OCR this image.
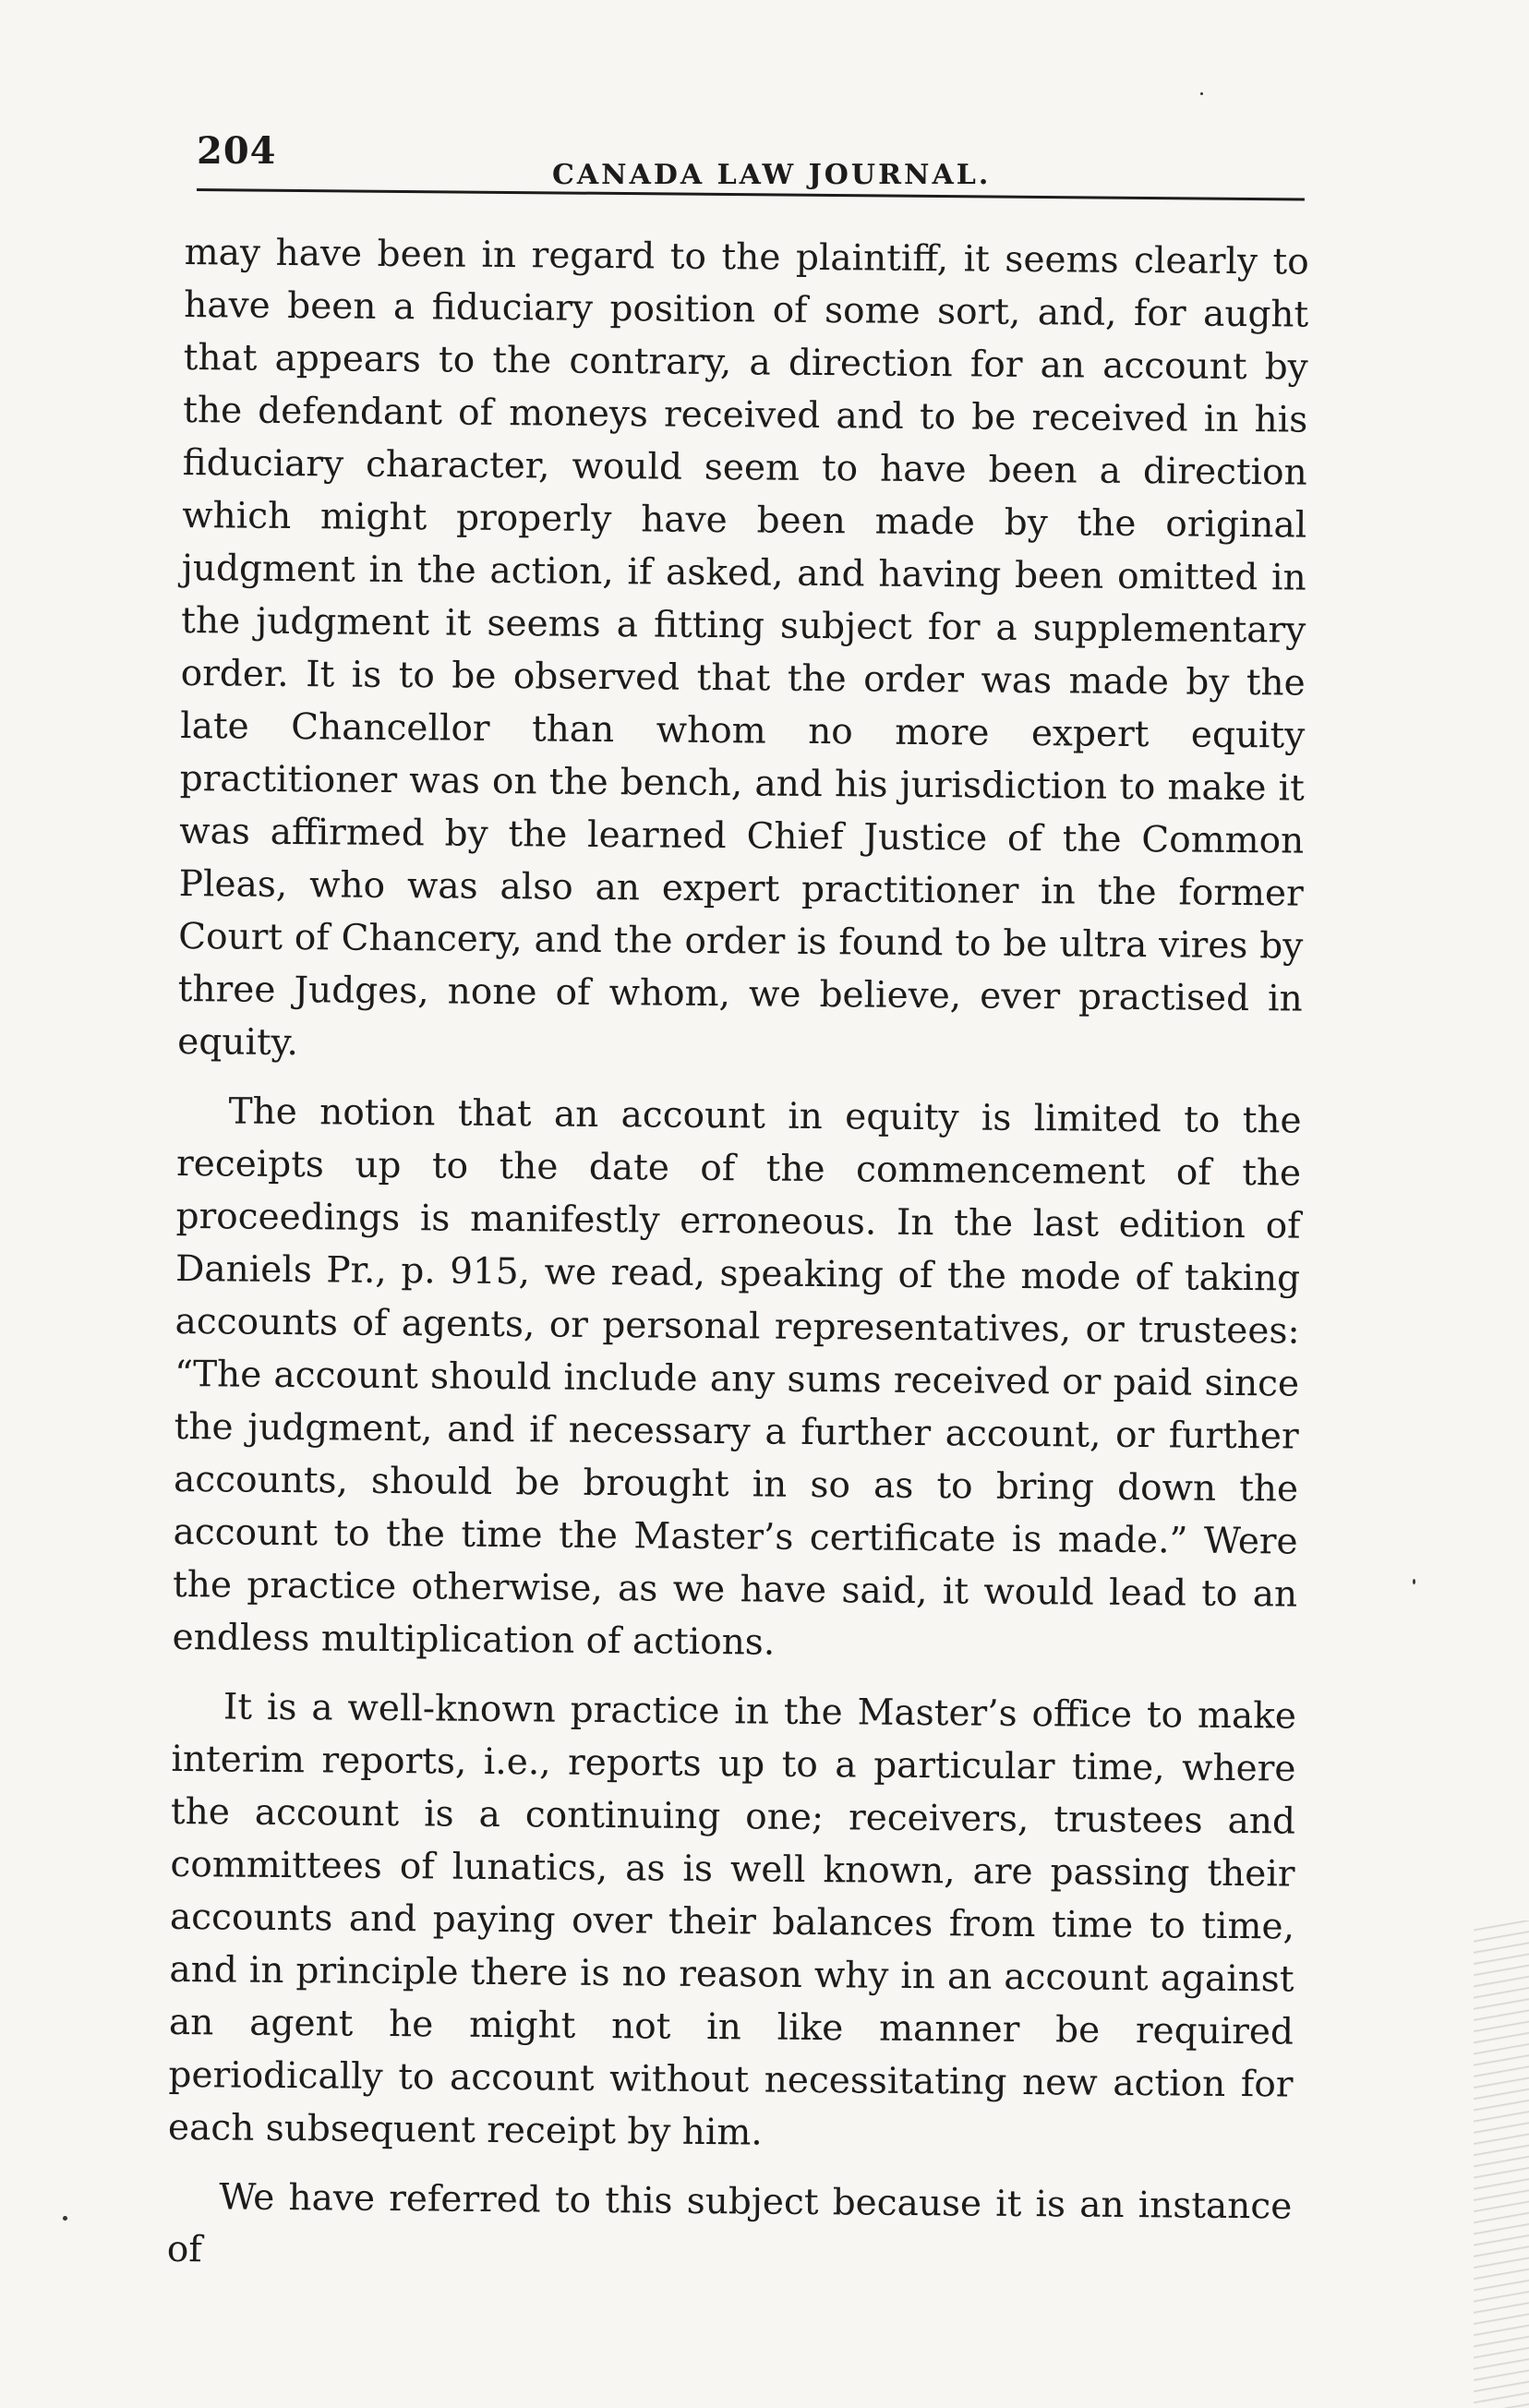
204
CANADA LAW JOURNAL.

may have been in regard to the plaintiff, it seems clearly to have been a fiduciary position of some sort, and, for aught that appears to the contrary, a direction for an account by the defendant of moneys received and to be received in his fiduciary character, would seem to have been a direction which might properly have been made by the original judgment in the action, if asked, and having been omitted in the judgment it seems a fitting subject for a supplementary order. It is to be observed that the order was made by the late Chancellor than whom no more expert equity practitioner was on the bench, and his jurisdiction to make it was affirmed by the learned Chief Justice of the Common Pleas, who was also an expert practitioner in the former Court of Chancery, and the order is found to be ultra vires by three Judges, none of whom, we believe, ever practised in equity.

The notion that an account in equity is limited to the receipts up to the date of the commencement of the proceedings is manifestly erroneous. In the last edition of Daniels Pr., p. 915, we read, speaking of the mode of taking accounts of agents, or personal representatives, or trustees: “The account should include any sums received or paid since the judgment, and if necessary a further account, or further accounts, should be brought in so as to bring down the account to the time the Master’s certificate is made.” Were the practice otherwise, as we have said, it would lead to an endless multiplication of actions.

It is a well-known practice in the Master’s office to make interim reports, i.e., reports up to a particular time, where the account is a continuing one; receivers, trustees and committees of lunatics, as is well known, are passing their accounts and paying over their balances from time to time, and in principle there is no reason why in an account against an agent he might not in like manner be required periodically to account without necessitating new action for each subsequent receipt by him.

We have referred to this subject because it is an instance of
